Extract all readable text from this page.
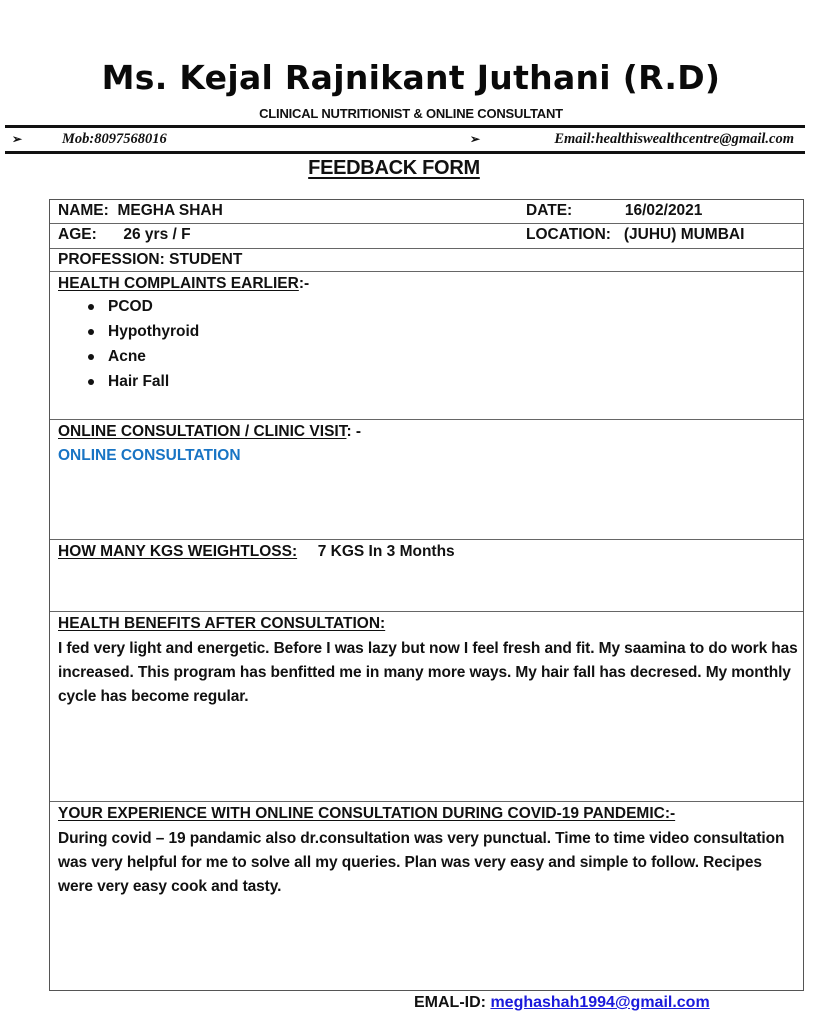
Ms. Kejal Rajnikant Juthani (R.D)
CLINICAL NUTRITIONIST & ONLINE CONSULTANT
➢	Mob:8097568016	➢	Email:healthiswealthcentre@gmail.com
FEEDBACK FORM
NAME: MEGHA SHAH	DATE:	16/02/2021
AGE: 26 yrs / F	LOCATION: (JUHU) MUMBAI
PROFESSION: STUDENT
HEALTH COMPLAINTS EARLIER:-
PCOD
Hypothyroid
Acne
Hair Fall
ONLINE CONSULTATION / CLINIC VISIT: -
ONLINE CONSULTATION
HOW MANY KGS WEIGHTLOSS: 7 KGS In 3 Months
HEALTH BENEFITS AFTER CONSULTATION:
I fed very light and energetic. Before I was lazy but now I feel fresh and fit. My saamina to do work has increased. This program has benfitted me in many more ways. My hair fall has decresed. My monthly cycle has become regular.
YOUR EXPERIENCE WITH ONLINE CONSULTATION DURING COVID-19 PANDEMIC:-
During covid – 19 pandamic also dr.consultation was very punctual. Time to time video consultation was very helpful for me to solve all my queries. Plan was very easy and simple to follow. Recipes were very easy cook and tasty.
EMAL-ID: meghashah1994@gmail.com
